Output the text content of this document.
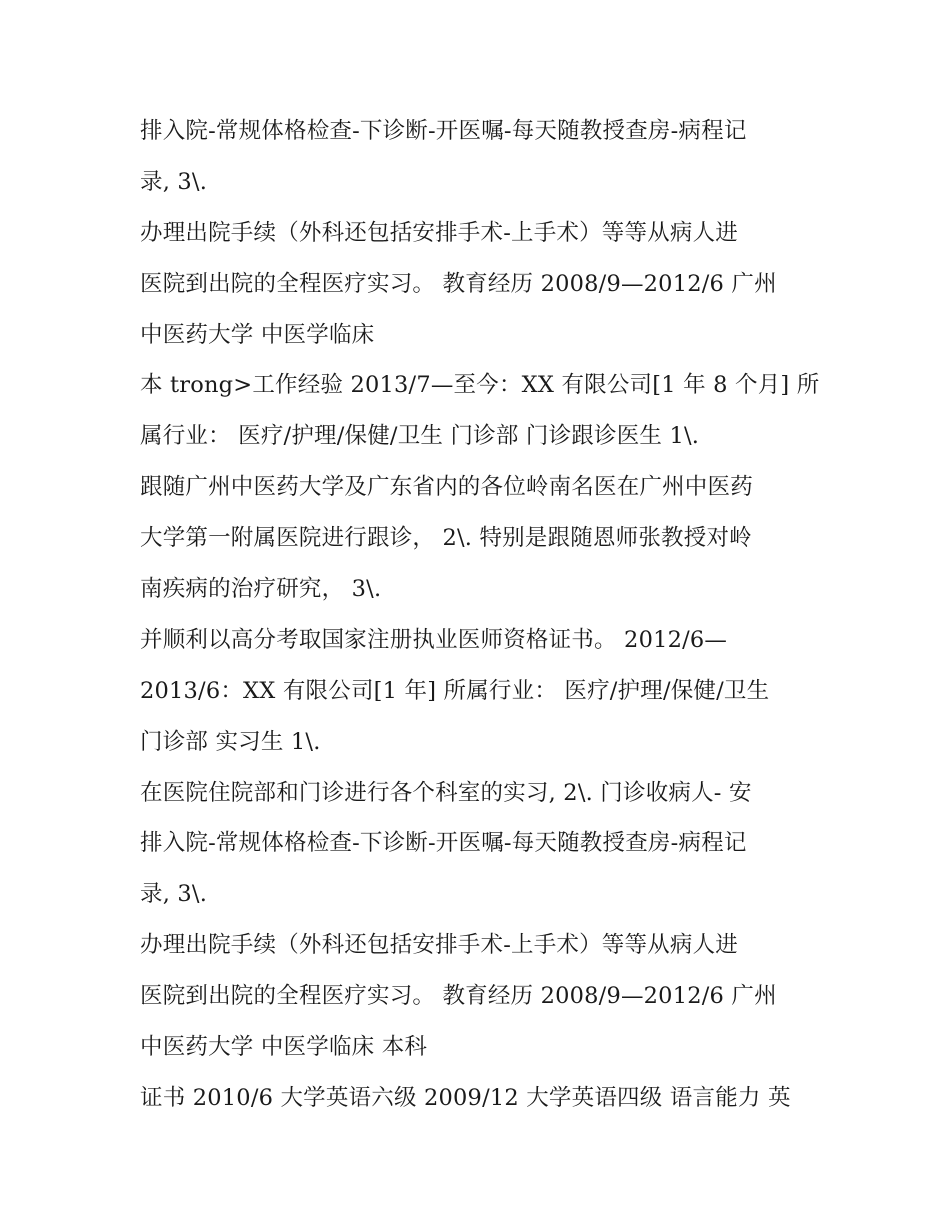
排入院-常规体格检查-下诊断-开医嘱-每天随教授查房-病程记
录, 3\.
办理出院手续（外科还包括安排手术-上手术）等等从病人进
医院到出院的全程医疗实习。 教育经历 2008/9—2012/6 广州
中医药大学 中医学临床
本 trong>工作经验 2013/7—至今：XX 有限公司[1 年 8 个月] 所
属行业： 医疗/护理/保健/卫生 门诊部 门诊跟诊医生 1\.
跟随广州中医药大学及广东省内的各位岭南名医在广州中医药
大学第一附属医院进行跟诊， 2\. 特别是跟随恩师张教授对岭
南疾病的治疗研究， 3\.
并顺利以高分考取国家注册执业医师资格证书。 2012/6—
2013/6：XX 有限公司[1 年] 所属行业： 医疗/护理/保健/卫生
门诊部 实习生 1\.
在医院住院部和门诊进行各个科室的实习, 2\. 门诊收病人- 安
排入院-常规体格检查-下诊断-开医嘱-每天随教授查房-病程记
录, 3\.
办理出院手续（外科还包括安排手术-上手术）等等从病人进
医院到出院的全程医疗实习。 教育经历 2008/9—2012/6 广州
中医药大学 中医学临床 本科
证书 2010/6 大学英语六级 2009/12 大学英语四级 语言能力 英
